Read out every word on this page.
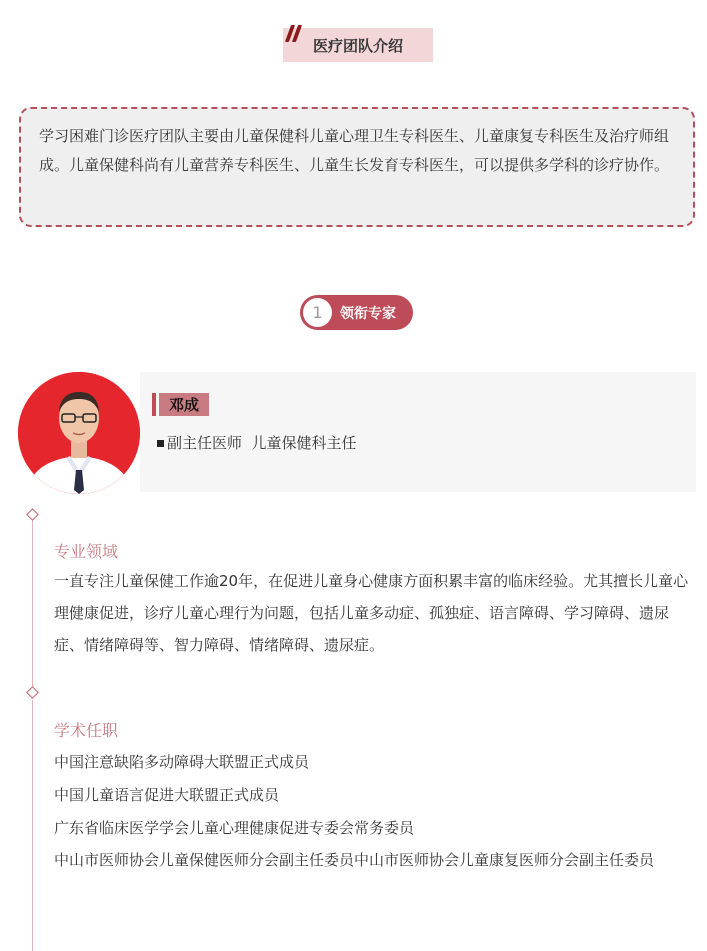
医疗团队介绍
学习困难门诊医疗团队主要由儿童保健科儿童心理卫生专科医生、儿童康复专科医生及治疗师组成。儿童保健科尚有儿童营养专科医生、儿童生长发育专科医生，可以提供多学科的诊疗协作。
1	领衔专家
邓成
副主任医师  儿童保健科主任
专业领域
一直专注儿童保健工作逾20年，在促进儿童身心健康方面积累丰富的临床经验。尤其擅长儿童心理健康促进，诊疗儿童心理行为问题，包括儿童多动症、孤独症、语言障碍、学习障碍、遗尿症、情绪障碍等、智力障碍、情绪障碍、遗尿症。
学术任职
中国注意缺陷多动障碍大联盟正式成员
中国儿童语言促进大联盟正式成员
广东省临床医学学会儿童心理健康促进专委会常务委员
中山市医师协会儿童保健医师分会副主任委员中山市医师协会儿童康复医师分会副主任委员
